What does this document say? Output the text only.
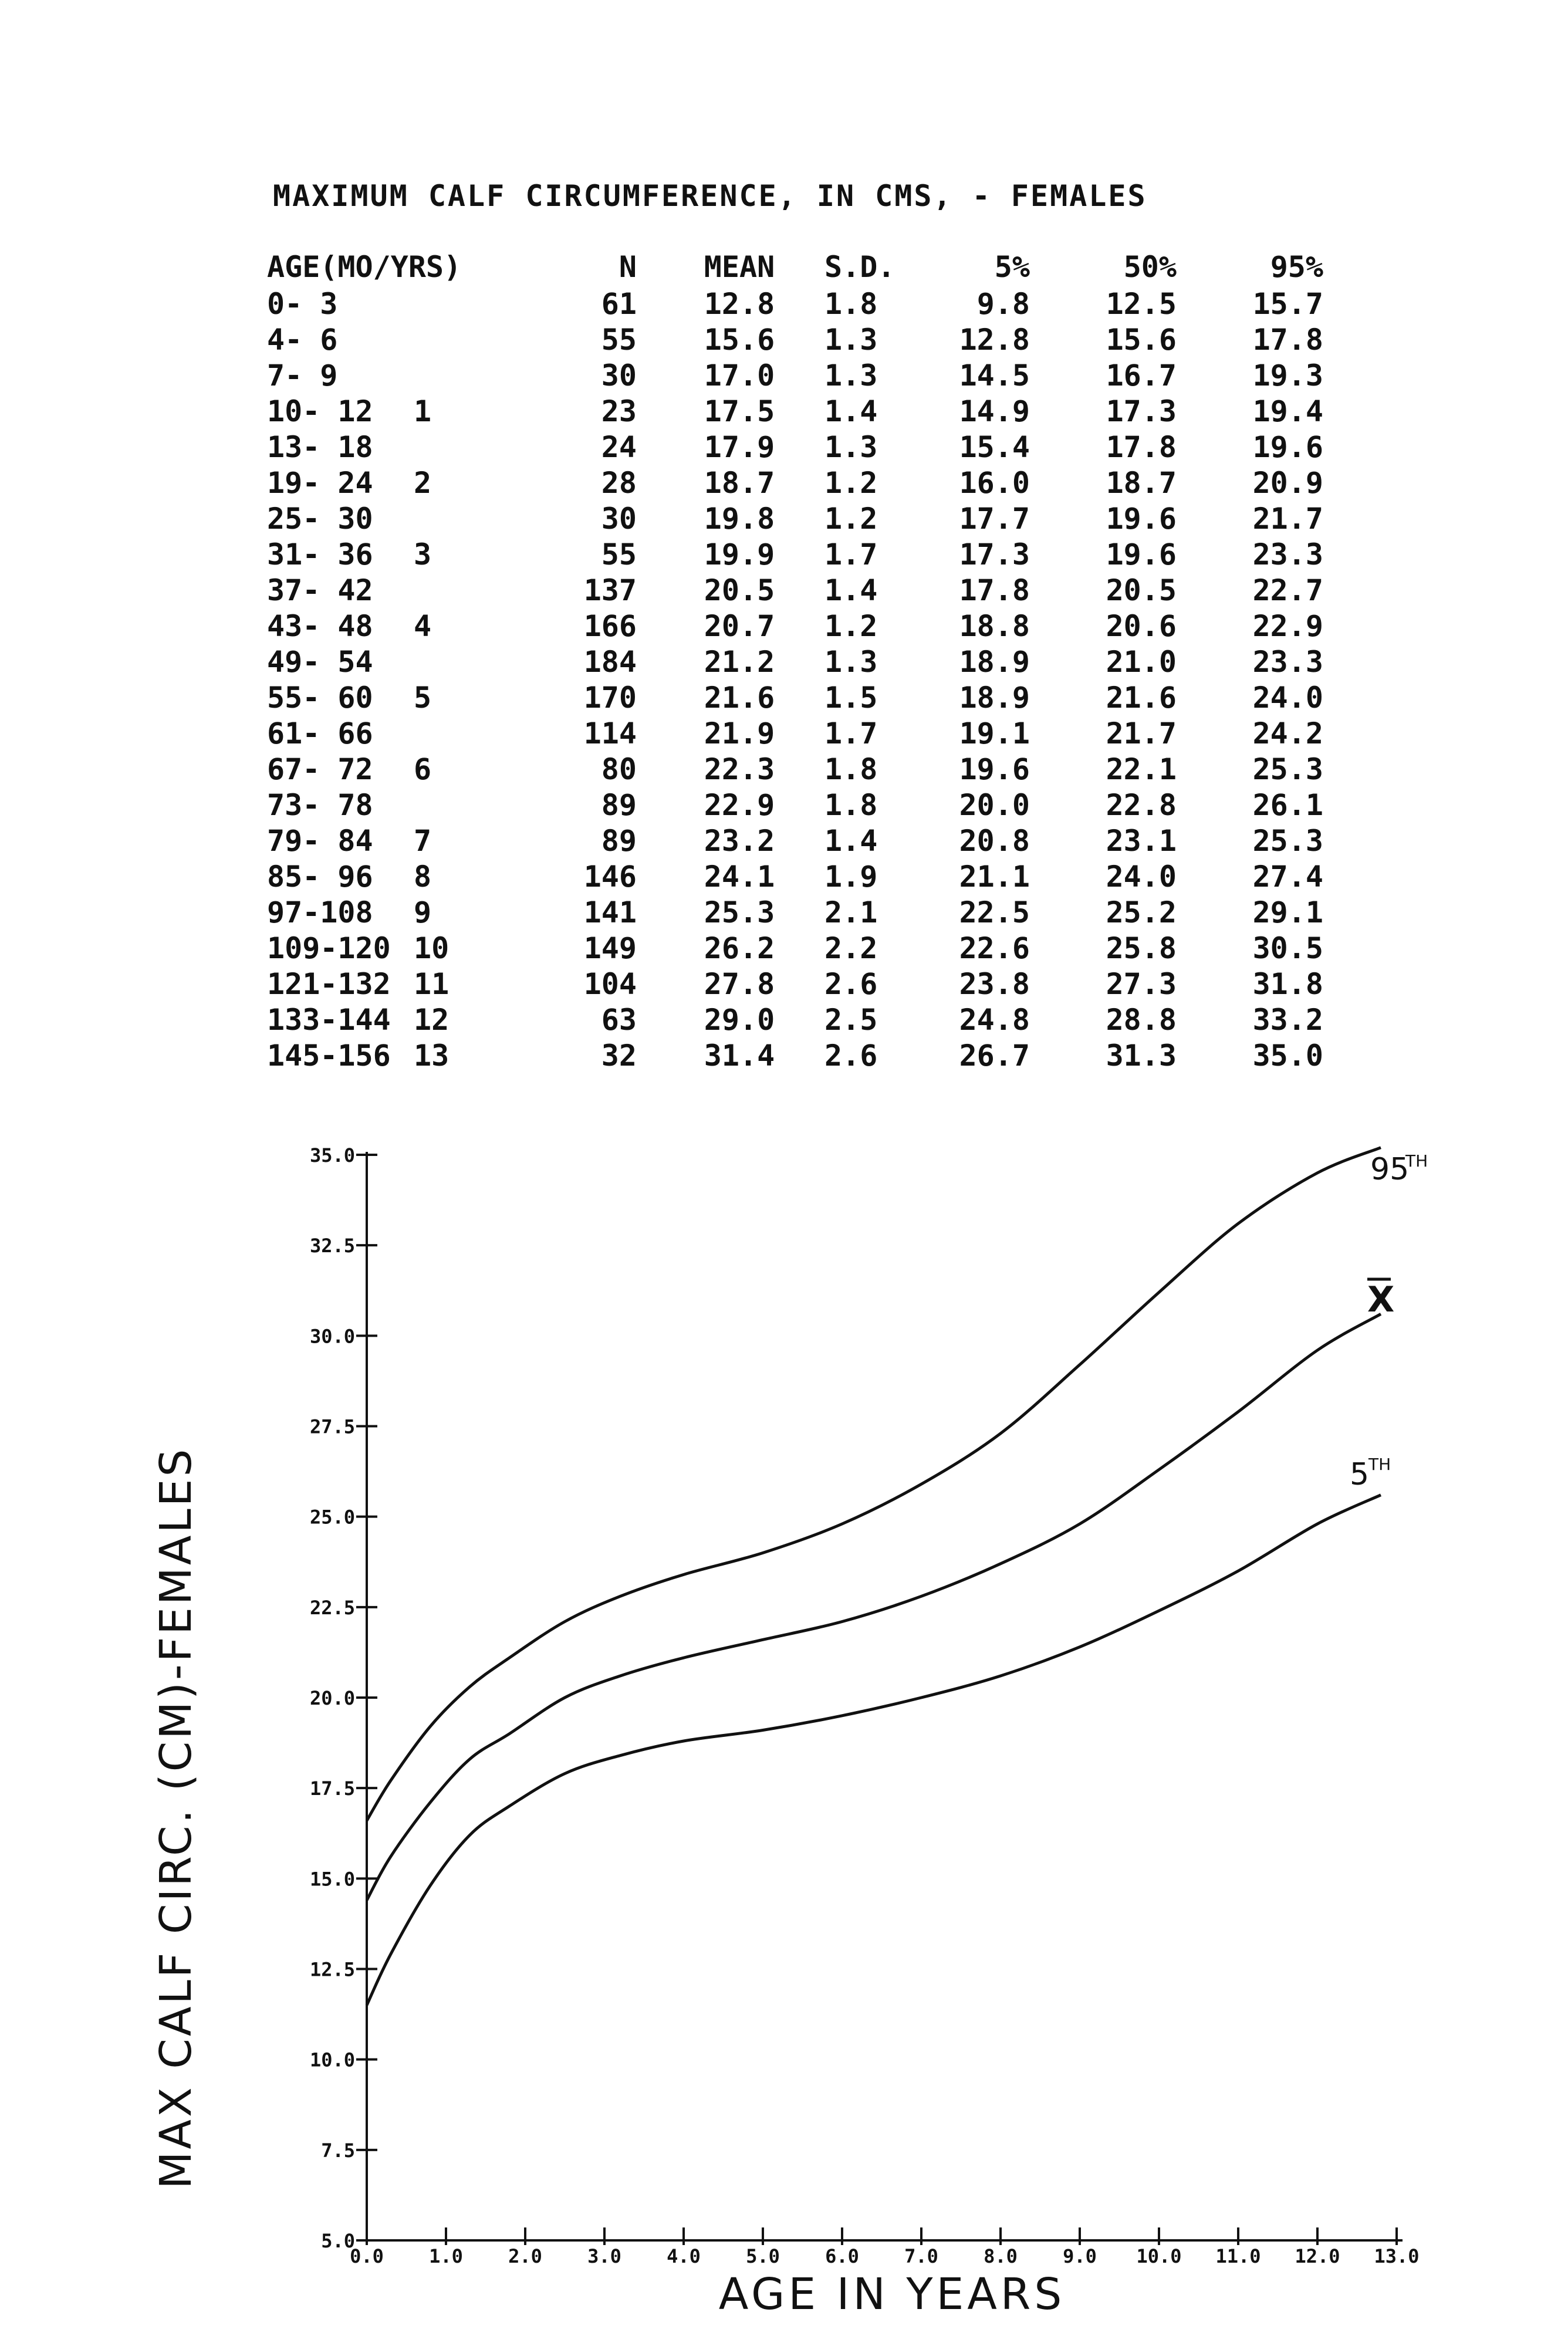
MAXIMUM CALF CIRCUMFERENCE, IN CMS, - FEMALES
AGE(MO/YRS)	N	MEAN	S.D.	5%	50%	95%
0- 3	61	12.8	1.8	9.8	12.5	15.7
4- 6	55	15.6	1.3	12.8	15.6	17.8
7- 9	30	17.0	1.3	14.5	16.7	19.3
10- 12 1	23	17.5	1.4	14.9	17.3	19.4
13- 18	24	17.9	1.3	15.4	17.8	19.6
19- 24 2	28	18.7	1.2	16.0	18.7	20.9
25- 30	30	19.8	1.2	17.7	19.6	21.7
31- 36 3	55	19.9	1.7	17.3	19.6	23.3
37- 42	137	20.5	1.4	17.8	20.5	22.7
43- 48 4	166	20.7	1.2	18.8	20.6	22.9
49- 54	184	21.2	1.3	18.9	21.0	23.3
55- 60 5	170	21.6	1.5	18.9	21.6	24.0
61- 66	114	21.9	1.7	19.1	21.7	24.2
67- 72 6	80	22.3	1.8	19.6	22.1	25.3
73- 78	89	22.9	1.8	20.0	22.8	26.1
79- 84 7	89	23.2	1.4	20.8	23.1	25.3
85- 96 8	146	24.1	1.9	21.1	24.0	27.4
97-108 9	141	25.3	2.1	22.5	25.2	29.1
109-120 10	149	26.2	2.2	22.6	25.8	30.5
121-132 11	104	27.8	2.6	23.8	27.3	31.8
133-144 12	63	29.0	2.5	24.8	28.8	33.2
145-156 13	32	31.4	2.6	26.7	31.3	35.0
5.0
7.5
10.0
12.5
15.0
17.5
20.0
22.5
25.0
27.5
30.0
32.5
35.0
0.0 1.0 2.0 3.0 4.0 5.0 6.0 7.0 8.0 9.0 10.0 11.0 12.0 13.0
AGE IN YEARS
95
TH
X
5
TH
MAX CALF CIRC. (CM)-FEMALES
